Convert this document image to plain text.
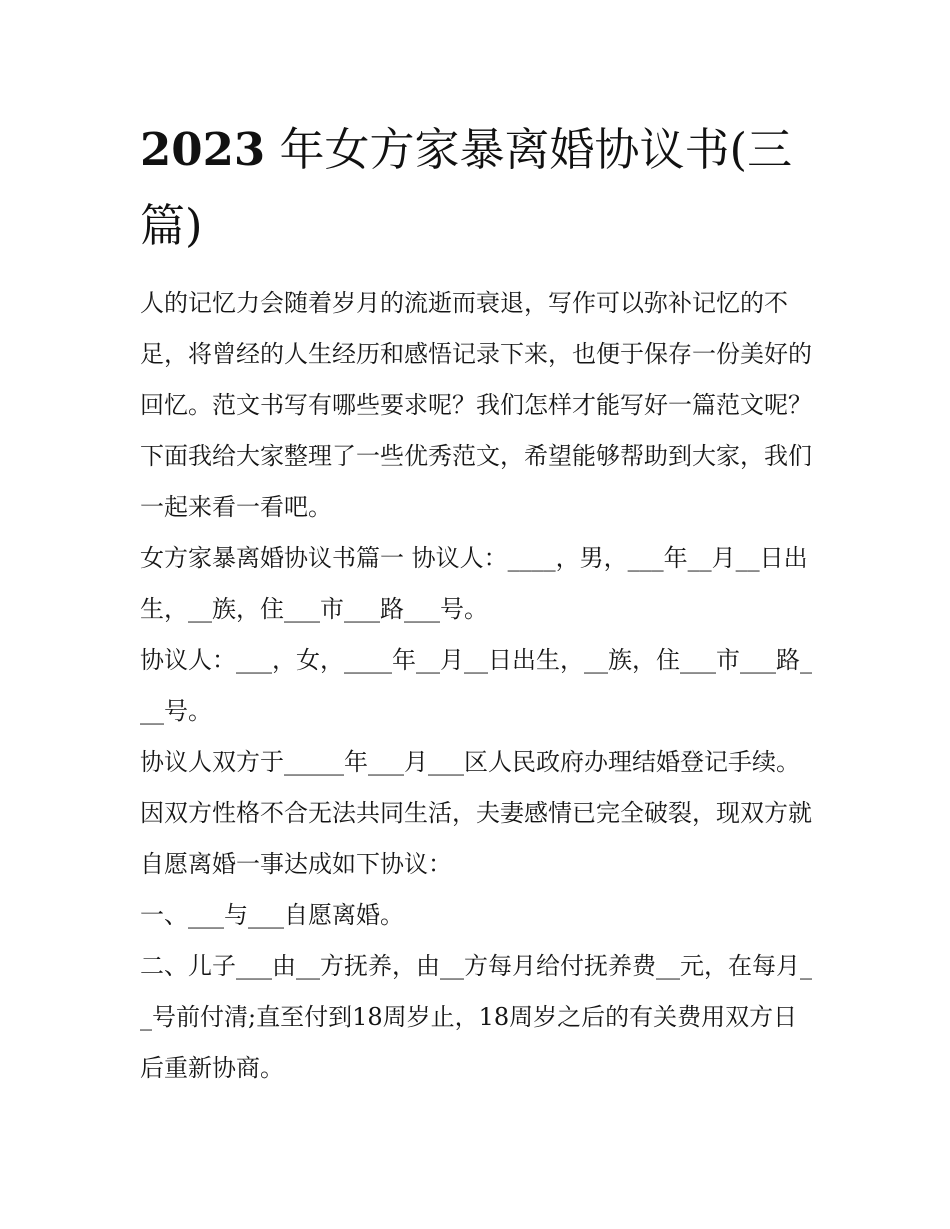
2023 年女方家暴离婚协议书(三篇)

人的记忆力会随着岁月的流逝而衰退，写作可以弥补记忆的不足，将曾经的人生经历和感悟记录下来，也便于保存一份美好的回忆。范文书写有哪些要求呢？我们怎样才能写好一篇范文呢？下面我给大家整理了一些优秀范文，希望能够帮助到大家，我们一起来看一看吧。

女方家暴离婚协议书篇一 协议人：____，男，___年__月__日出生，__族，住___市___路___号。

协议人：___，女，____年__月__日出生，__族，住___市___路___号。

协议人双方于_____年___月___区人民政府办理结婚登记手续。因双方性格不合无法共同生活，夫妻感情已完全破裂，现双方就自愿离婚一事达成如下协议：

一、___与___自愿离婚。

二、儿子___由__方抚养，由__方每月给付抚养费__元，在每月__号前付清;直至付到18周岁止，18周岁之后的有关费用双方日后重新协商。
